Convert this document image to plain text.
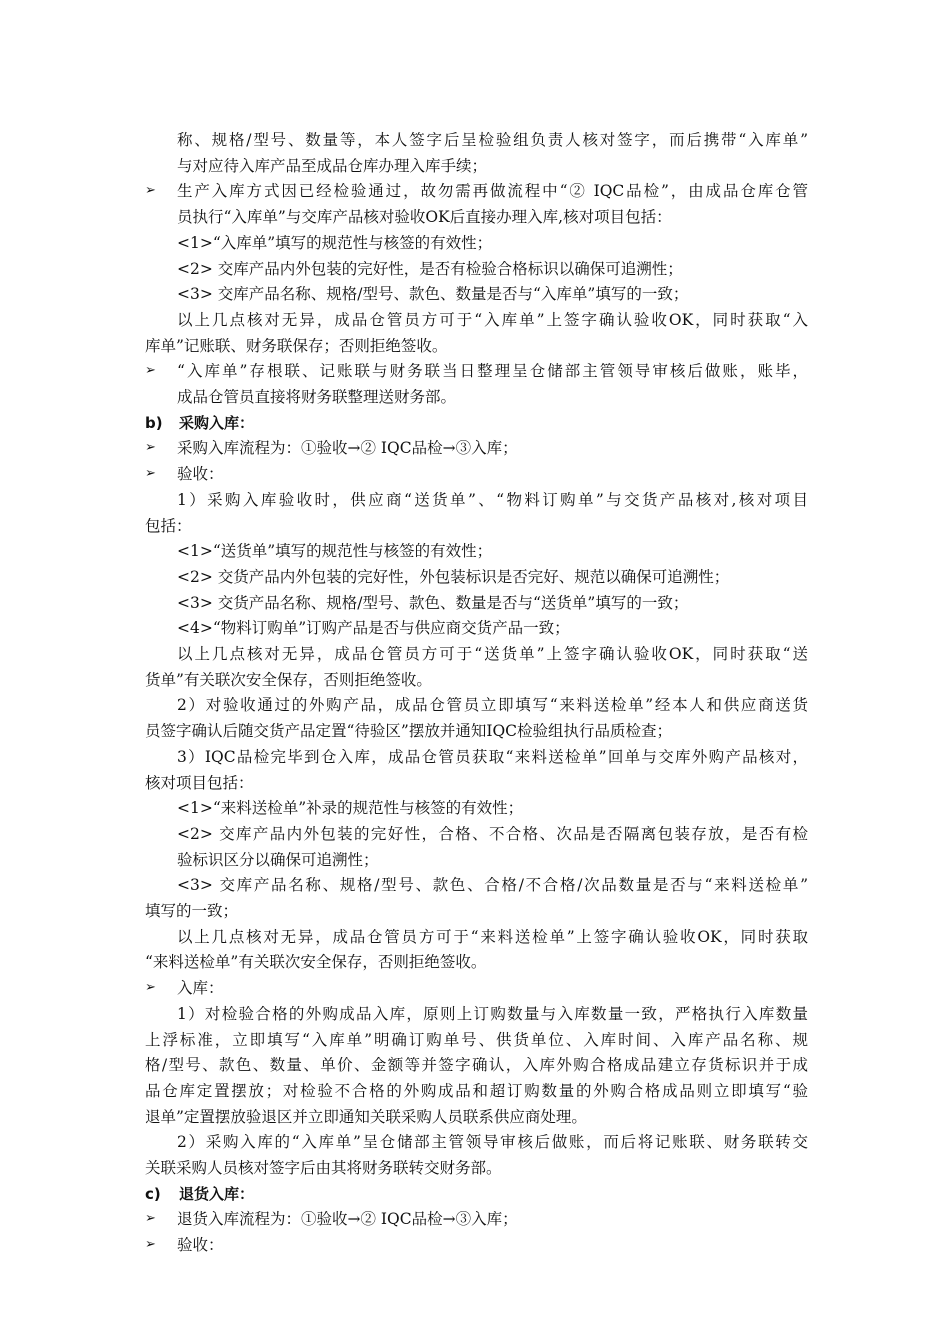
称、规格/型号、数量等，本人签字后呈检验组负责人核对签字，而后携带“入库单”
与对应待入库产品至成品仓库办理入库手续；
➢	生产入库方式因已经检验通过，故勿需再做流程中“② IQC品检”，由成品仓库仓管
员执行“入库单”与交库产品核对验收OK后直接办理入库,核对项目包括：
<1>“入库单”填写的规范性与核签的有效性；
<2> 交库产品内外包装的完好性，是否有检验合格标识以确保可追溯性；
<3> 交库产品名称、规格/型号、款色、数量是否与“入库单”填写的一致；
以上几点核对无异，成品仓管员方可于“入库单”上签字确认验收OK，同时获取“入
库单”记账联、财务联保存；否则拒绝签收。
➢	“入库单”存根联、记账联与财务联当日整理呈仓储部主管领导审核后做账，账毕，
成品仓管员直接将财务联整理送财务部。
b) 采购入库：
➢	采购入库流程为：①验收→② IQC品检→③入库；
➢	验收：
1）采购入库验收时，供应商“送货单”、“物料订购单”与交货产品核对,核对项目
包括：
<1>“送货单”填写的规范性与核签的有效性；
<2> 交货产品内外包装的完好性，外包装标识是否完好、规范以确保可追溯性；
<3> 交货产品名称、规格/型号、款色、数量是否与“送货单”填写的一致；
<4>“物料订购单”订购产品是否与供应商交货产品一致；
以上几点核对无异，成品仓管员方可于“送货单”上签字确认验收OK，同时获取“送
货单”有关联次安全保存，否则拒绝签收。
2）对验收通过的外购产品，成品仓管员立即填写“来料送检单”经本人和供应商送货
员签字确认后随交货产品定置“待验区”摆放并通知IQC检验组执行品质检查；
3）IQC品检完毕到仓入库，成品仓管员获取“来料送检单”回单与交库外购产品核对，
核对项目包括：
<1>“来料送检单”补录的规范性与核签的有效性；
<2> 交库产品内外包装的完好性，合格、不合格、次品是否隔离包装存放，是否有检
验标识区分以确保可追溯性；
<3> 交库产品名称、规格/型号、款色、合格/不合格/次品数量是否与“来料送检单”
填写的一致；
以上几点核对无异，成品仓管员方可于“来料送检单”上签字确认验收OK，同时获取
“来料送检单”有关联次安全保存，否则拒绝签收。
➢	入库：
1）对检验合格的外购成品入库，原则上订购数量与入库数量一致，严格执行入库数量
上浮标准，立即填写“入库单”明确订购单号、供货单位、入库时间、入库产品名称、规
格/型号、款色、数量、单价、金额等并签字确认，入库外购合格成品建立存货标识并于成
品仓库定置摆放；对检验不合格的外购成品和超订购数量的外购合格成品则立即填写“验
退单”定置摆放验退区并立即通知关联采购人员联系供应商处理。
2）采购入库的“入库单”呈仓储部主管领导审核后做账，而后将记账联、财务联转交
关联采购人员核对签字后由其将财务联转交财务部。
c) 退货入库：
➢	退货入库流程为：①验收→② IQC品检→③入库；
➢	验收：
